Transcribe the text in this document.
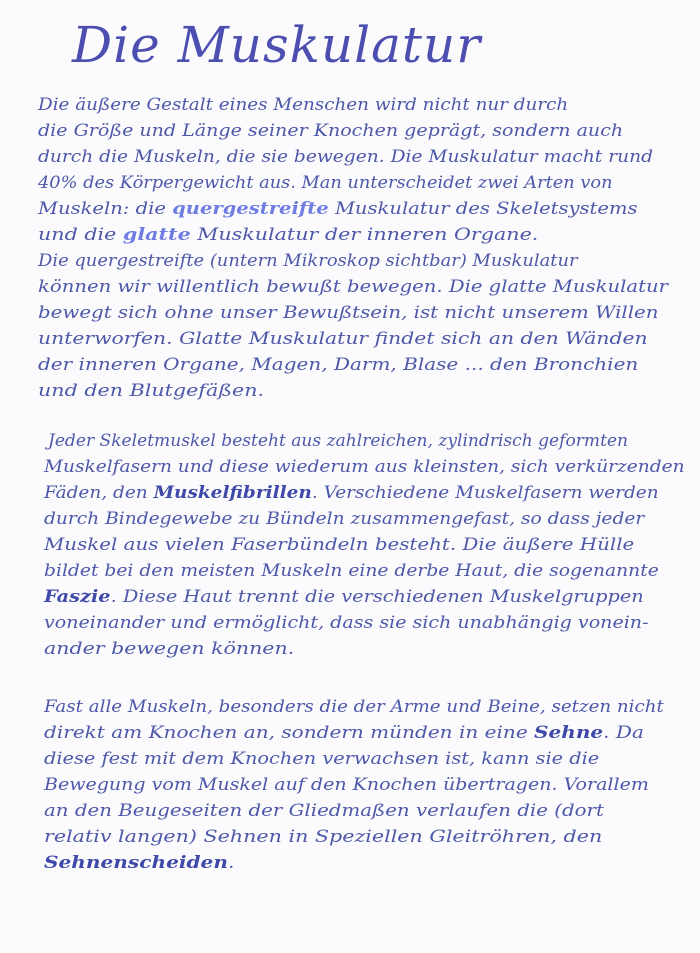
Die Muskulatur
Die äußere Gestalt eines Menschen wird nicht nur durch
die Größe und Länge seiner Knochen geprägt, sondern auch
durch die Muskeln, die sie bewegen. Die Muskulatur macht rund
40% des Körpergewicht aus. Man unterscheidet zwei Arten von
Muskeln: die quergestreifte Muskulatur des Skeletsystems
und die glatte Muskulatur der inneren Organe.
Die quergestreifte (untern Mikroskop sichtbar) Muskulatur
können wir willentlich bewußt bewegen. Die glatte Muskulatur
bewegt sich ohne unser Bewußtsein, ist nicht unserem Willen
unterworfen. Glatte Muskulatur findet sich an den Wänden
der inneren Organe, Magen, Darm, Blase ... den Bronchien
und den Blutgefäßen.
Jeder Skeletmuskel besteht aus zahlreichen, zylindrisch geformten
Muskelfasern und diese wiederum aus kleinsten, sich verkürzenden
Fäden, den Muskelfibrillen. Verschiedene Muskelfasern werden
durch Bindegewebe zu Bündeln zusammengefast, so dass jeder
Muskel aus vielen Faserbündeln besteht. Die äußere Hülle
bildet bei den meisten Muskeln eine derbe Haut, die sogenannte
Faszie. Diese Haut trennt die verschiedenen Muskelgruppen
voneinander und ermöglicht, dass sie sich unabhängig vonein-
ander bewegen können.
Fast alle Muskeln, besonders die der Arme und Beine, setzen nicht
direkt am Knochen an, sondern münden in eine Sehne. Da
diese fest mit dem Knochen verwachsen ist, kann sie die
Bewegung vom Muskel auf den Knochen übertragen. Vorallem
an den Beugeseiten der Gliedmaßen verlaufen die (dort
relativ langen) Sehnen in Speziellen Gleitröhren, den
Sehnenscheiden.
